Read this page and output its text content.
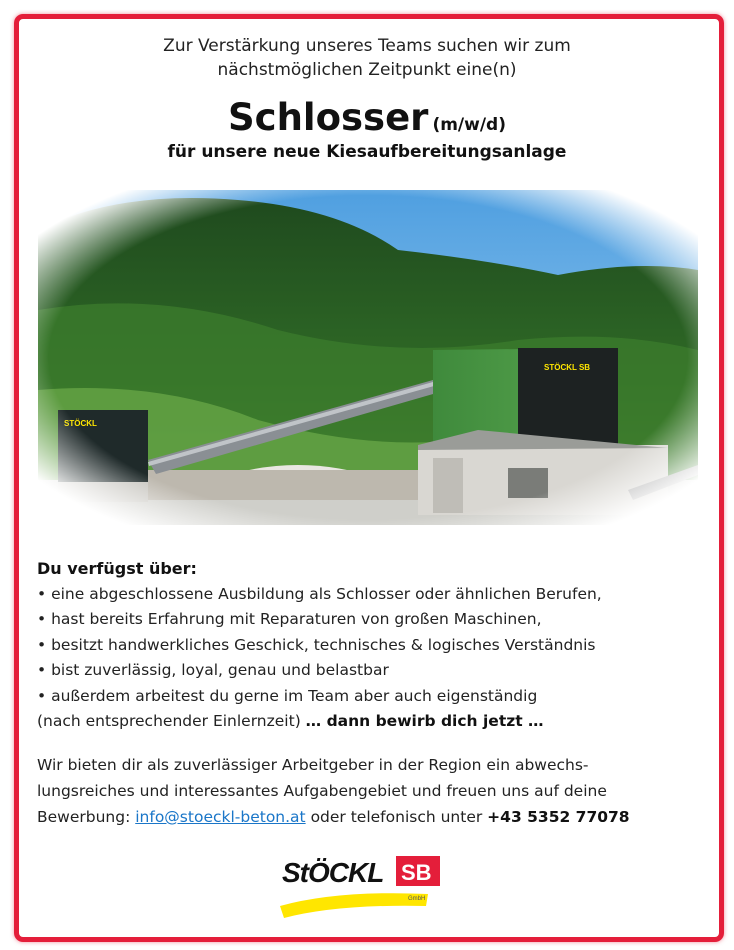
Zur Verstärkung unseres Teams suchen wir zum
nächstmöglichen Zeitpunkt eine(n)
Schlosser (m/w/d)
für unsere neue Kiesaufbereitungsanlage
Du verfügst über:
• eine abgeschlossene Ausbildung als Schlosser oder ähnlichen Berufen,
• hast bereits Erfahrung mit Reparaturen von großen Maschinen,
• besitzt handwerkliches Geschick, technisches & logisches Verständnis
• bist zuverlässig, loyal, genau und belastbar
• außerdem arbeitest du gerne im Team aber auch eigenständig
(nach entsprechender Einlernzeit) … dann bewirb dich jetzt …
Wir bieten dir als zuverlässiger Arbeitgeber in der Region ein abwechs-
lungsreiches und interessantes Aufgabengebiet und freuen uns auf deine
Bewerbung: info@stoeckl-beton.at oder telefonisch unter +43 5352 77078
StÖCKL SB
GmbH
